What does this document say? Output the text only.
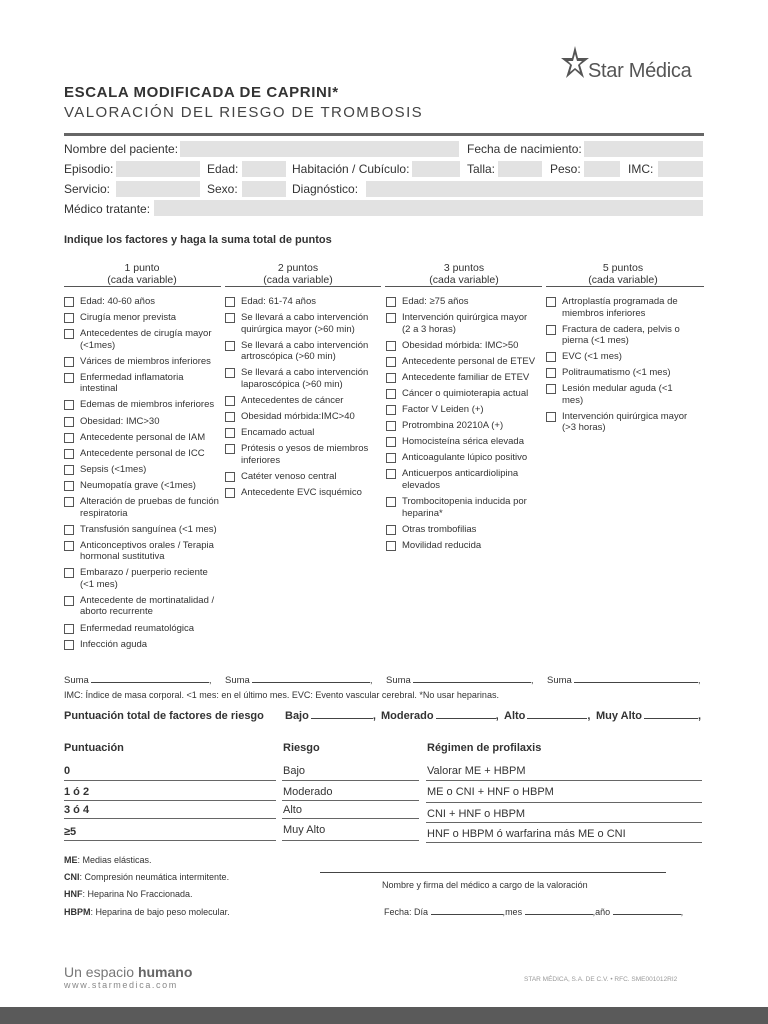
Star Médica
ESCALA MODIFICADA DE CAPRINI*
VALORACIÓN DEL RIESGO DE TROMBOSIS
Nombre del paciente:	Fecha de nacimiento:
Episodio:	Edad:	Habitación / Cubículo:	Talla:	Peso:	IMC:
Servicio:	Sexo:	Diagnóstico:
Médico tratante:
Indique los factores y haga la suma total de puntos
1 punto
(cada variable)
2 puntos
(cada variable)
3 puntos
(cada variable)
5 puntos
(cada variable)
Edad: 40-60 años
Cirugía menor prevista
Antecedentes de cirugía mayor (<1mes)
Várices de miembros inferiores
Enfermedad inflamatoria intestinal
Edemas de miembros inferiores
Obesidad: IMC>30
Antecedente personal de IAM
Antecedente personal de ICC
Sepsis (<1mes)
Neumopatía grave (<1mes)
Alteración de pruebas de función respiratoria
Transfusión sanguínea (<1 mes)
Anticonceptivos orales / Terapia hormonal sustitutiva
Embarazo / puerperio reciente (<1 mes)
Antecedente de mortinatalidad / aborto recurrente
Enfermedad reumatológica
Infección aguda
Edad: 61-74 años
Se llevará a cabo intervención quirúrgica mayor (>60 min)
Se llevará a cabo intervención artroscópica (>60 min)
Se llevará a cabo intervención laparoscópica (>60 min)
Antecedentes de cáncer
Obesidad mórbida:IMC>40
Encamado actual
Prótesis o yesos de miembros inferiores
Catéter venoso central
Antecedente EVC isquémico
Edad: ≥75 años
Intervención quirúrgica mayor (2 a 3 horas)
Obesidad mórbida: IMC>50
Antecedente personal de ETEV
Antecedente familiar de ETEV
Cáncer o quimioterapia actual
Factor V Leiden (+)
Protrombina 20210A (+)
Homocisteína sérica elevada
Anticoagulante lúpico positivo
Anticuerpos anticardiolipina elevados
Trombocitopenia inducida por heparina*
Otras trombofilias
Movilidad reducida
Artroplastía programada de miembros inferiores
Fractura de cadera, pelvis o pierna (<1 mes)
EVC (<1 mes)
Politraumatismo (<1 mes)
Lesión medular aguda (<1 mes)
Intervención quirúrgica mayor (>3 horas)
Suma	, Suma	, Suma	, Suma	,
IMC: Índice de masa corporal. <1 mes: en el último mes. EVC: Evento vascular cerebral. *No usar heparinas.
Puntuación total de factores de riesgo Bajo	, Moderado	, Alto	, Muy Alto	,
Puntuación	Riesgo	Régimen de profilaxis
0	Bajo	Valorar ME + HBPM
1 ó 2	Moderado	ME o CNI + HNF o HBPM
3 ó 4	Alto	CNI + HNF o HBPM
≥5	Muy Alto	HNF o HBPM ó warfarina más ME o CNI
ME: Medias elásticas.
CNI: Compresión neumática intermitente.
HNF: Heparina No Fraccionada.
HBPM: Heparina de bajo peso molecular.
Nombre y firma del médico a cargo de la valoración
Fecha: Día	,mes	,año	,
Un espacio humano
www.starmedica.com
STAR MÉDICA, S.A. DE C.V. • RFC. SME001012RI2
